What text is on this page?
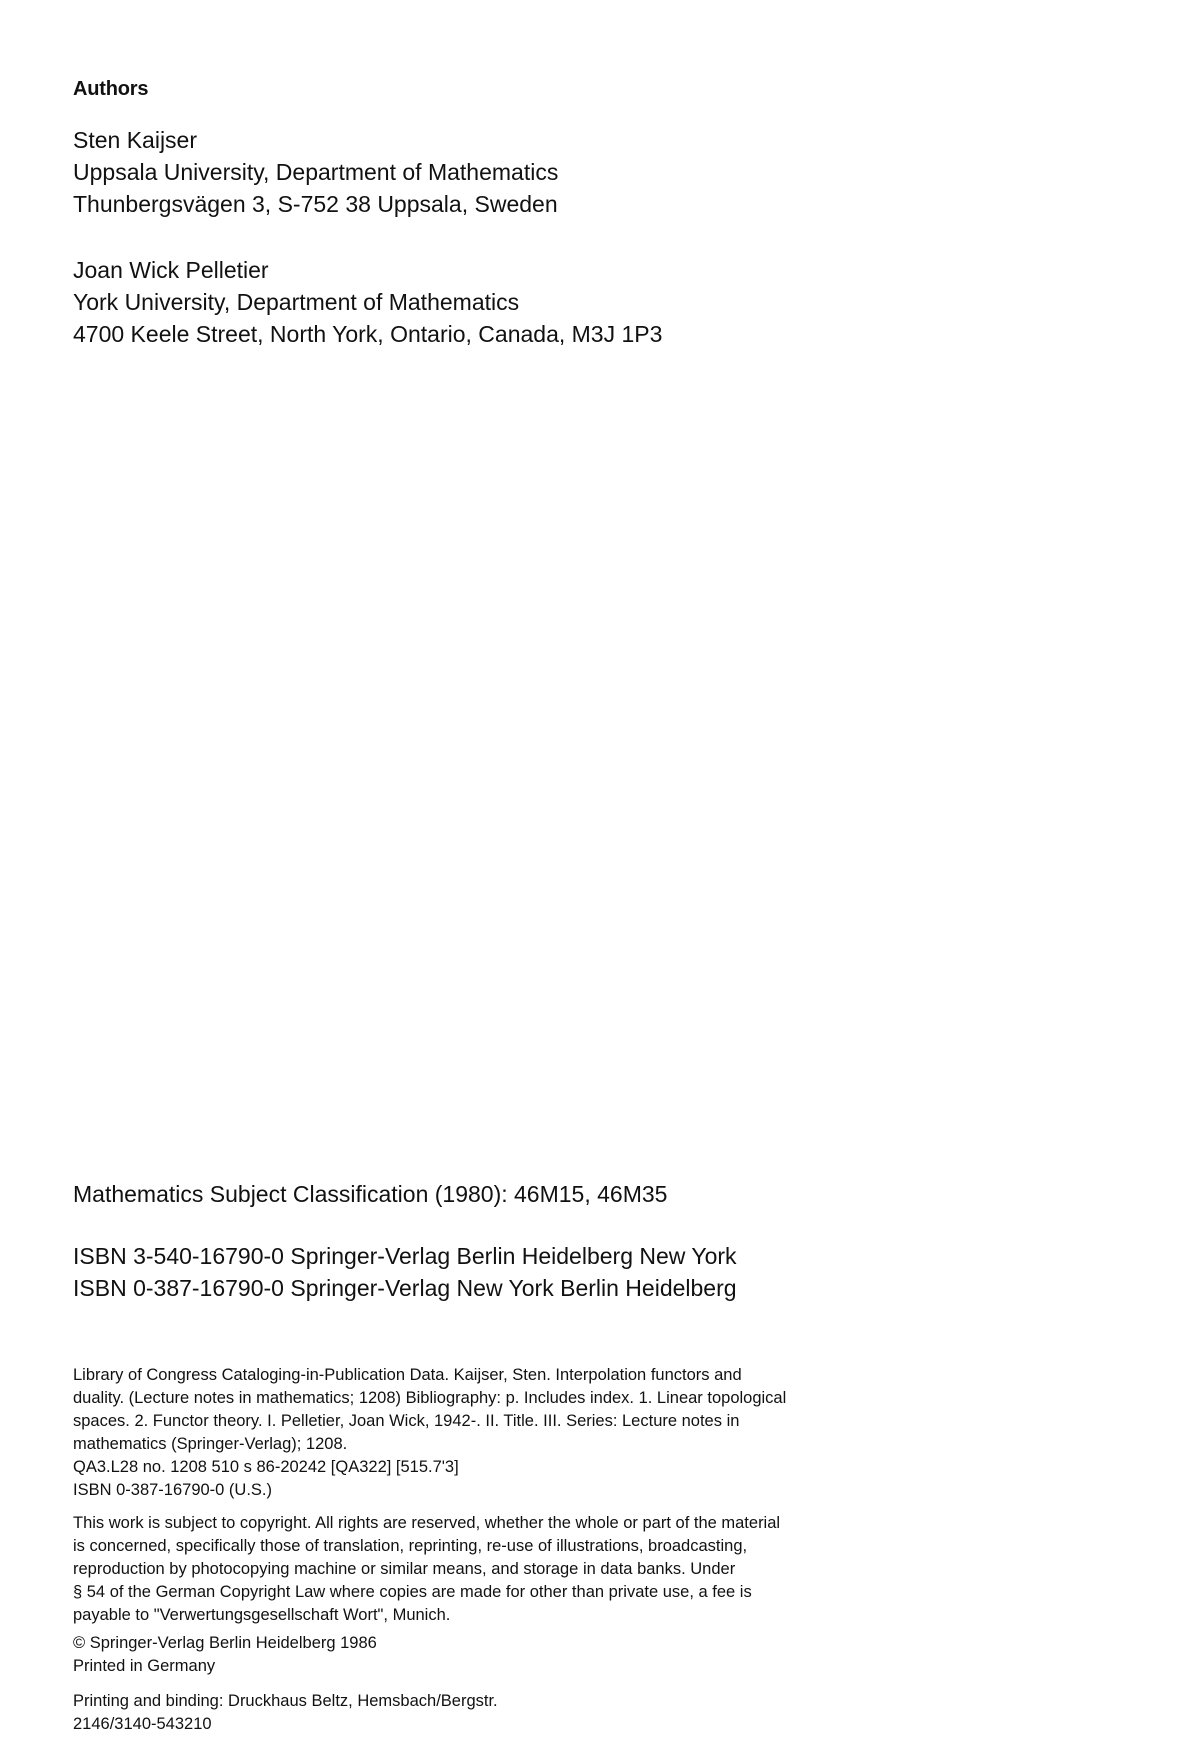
Authors
Sten Kaijser
Uppsala University, Department of Mathematics
Thunbergsvägen 3, S-752 38 Uppsala, Sweden
Joan Wick Pelletier
York University, Department of Mathematics
4700 Keele Street, North York, Ontario, Canada, M3J 1P3
Mathematics Subject Classification (1980): 46M15, 46M35
ISBN 3-540-16790-0 Springer-Verlag Berlin Heidelberg New York
ISBN 0-387-16790-0 Springer-Verlag New York Berlin Heidelberg
Library of Congress Cataloging-in-Publication Data. Kaijser, Sten. Interpolation functors and
duality. (Lecture notes in mathematics; 1208) Bibliography: p. Includes index. 1. Linear topological
spaces. 2. Functor theory. I. Pelletier, Joan Wick, 1942-. II. Title. III. Series: Lecture notes in
mathematics (Springer-Verlag); 1208.
QA3.L28 no. 1208 510 s 86-20242 [QA322] [515.7'3]
ISBN 0-387-16790-0 (U.S.)
This work is subject to copyright. All rights are reserved, whether the whole or part of the material
is concerned, specifically those of translation, reprinting, re-use of illustrations, broadcasting,
reproduction by photocopying machine or similar means, and storage in data banks. Under
§ 54 of the German Copyright Law where copies are made for other than private use, a fee is
payable to "Verwertungsgesellschaft Wort", Munich.
© Springer-Verlag Berlin Heidelberg 1986
Printed in Germany
Printing and binding: Druckhaus Beltz, Hemsbach/Bergstr.
2146/3140-543210
